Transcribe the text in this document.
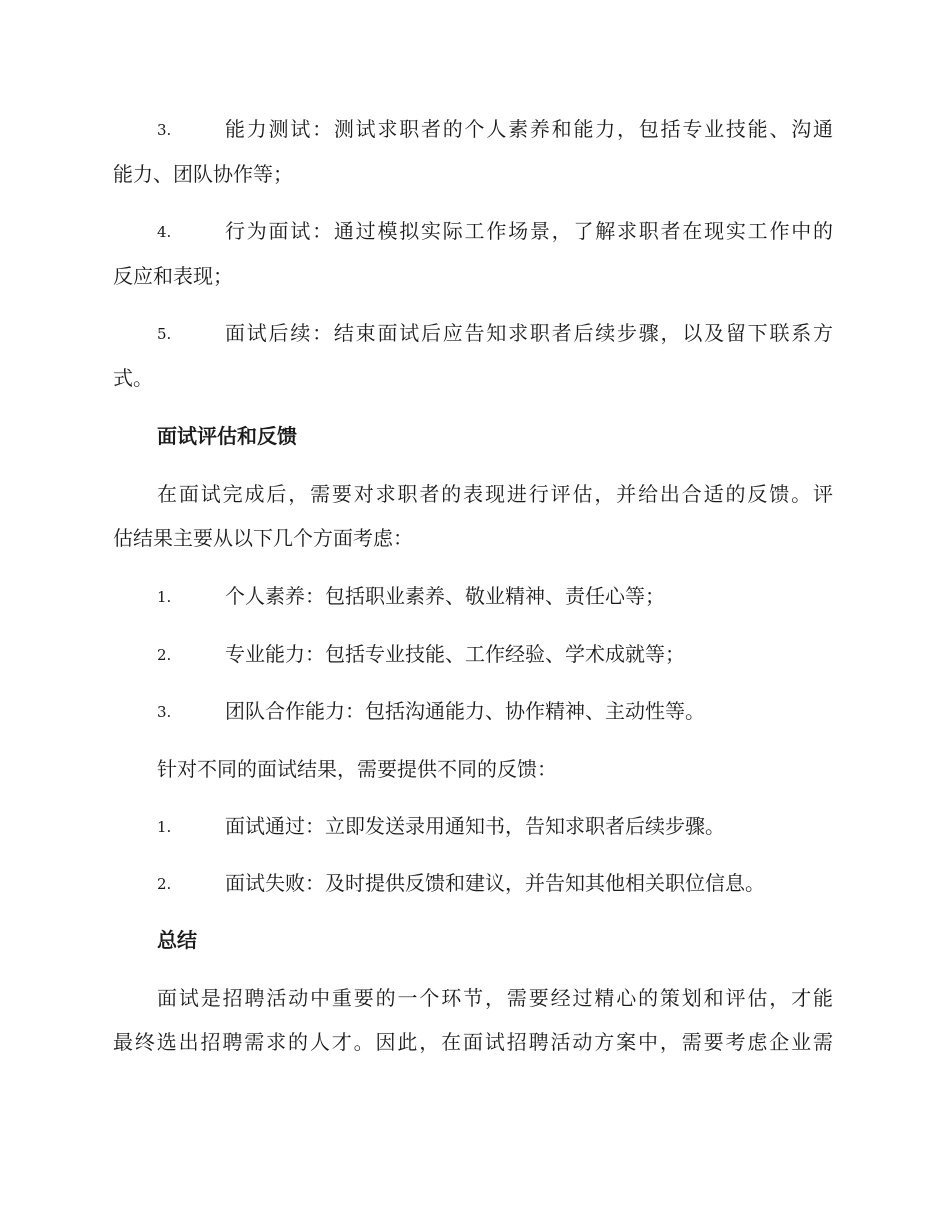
3.	能力测试：测试求职者的个人素养和能力，包括专业技能、沟通
能力、团队协作等；
4.	行为面试：通过模拟实际工作场景，了解求职者在现实工作中的
反应和表现；
5.	面试后续：结束面试后应告知求职者后续步骤，以及留下联系方
式。
面试评估和反馈
在面试完成后，需要对求职者的表现进行评估，并给出合适的反馈。评
估结果主要从以下几个方面考虑：
1.	个人素养：包括职业素养、敬业精神、责任心等；
2.	专业能力：包括专业技能、工作经验、学术成就等；
3.	团队合作能力：包括沟通能力、协作精神、主动性等。
针对不同的面试结果，需要提供不同的反馈：
1.	面试通过：立即发送录用通知书，告知求职者后续步骤。
2.	面试失败：及时提供反馈和建议，并告知其他相关职位信息。
总结
面试是招聘活动中重要的一个环节，需要经过精心的策划和评估，才能
最终选出招聘需求的人才。因此，在面试招聘活动方案中，需要考虑企业需
